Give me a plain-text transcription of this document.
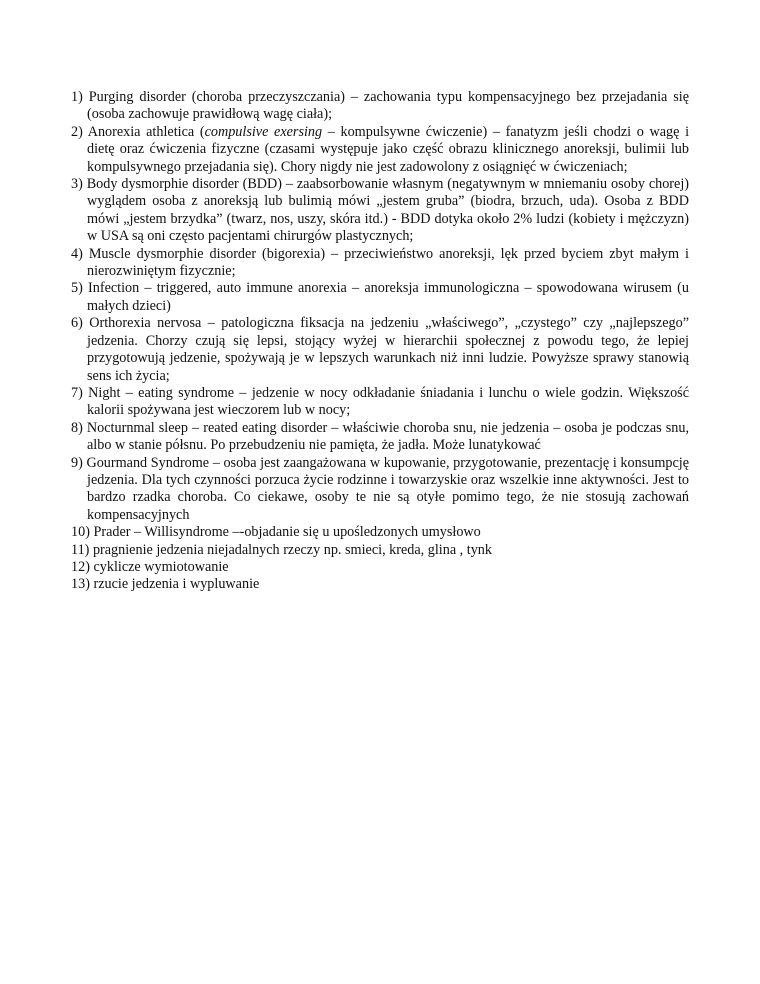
1) Purging disorder (choroba przeczyszczania) – zachowania typu kompensacyjnego bez przejadania się (osoba zachowuje prawidłową wagę ciała);
2) Anorexia athletica (compulsive exersing – kompulsywne ćwiczenie) – fanatyzm jeśli chodzi o wagę i dietę oraz ćwiczenia fizyczne (czasami występuje jako część obrazu klinicznego anoreksji, bulimii lub kompulsywnego przejadania się). Chory nigdy nie jest zadowolony z osiągnięć w ćwiczeniach;
3) Body dysmorphie disorder (BDD) – zaabsorbowanie własnym (negatywnym w mniemaniu osoby chorej) wyglądem osoba z anoreksją lub bulimią mówi „jestem gruba” (biodra, brzuch, uda). Osoba z BDD mówi „jestem brzydka” (twarz, nos, uszy, skóra itd.) - BDD dotyka około 2% ludzi (kobiety i mężczyzn) w USA są oni często pacjentami chirurgów plastycznych;
4) Muscle dysmorphie disorder (bigorexia) – przeciwieństwo anoreksji, lęk przed byciem zbyt małym i nierozwiniętym fizycznie;
5) Infection – triggered, auto immune anorexia – anoreksja immunologiczna – spowodowana wirusem (u małych dzieci)
6) Orthorexia nervosa – patologiczna fiksacja na jedzeniu „właściwego”, „czystego” czy „najlepszego” jedzenia. Chorzy czują się lepsi, stojący wyżej w hierarchii społecznej z powodu tego, że lepiej przygotowują jedzenie, spożywają je w lepszych warunkach niż inni ludzie. Powyższe sprawy stanowią sens ich życia;
7) Night – eating syndrome – jedzenie w nocy odkładanie śniadania i lunchu o wiele godzin. Większość kalorii spożywana jest wieczorem lub w nocy;
8) Nocturnmal sleep – reated eating disorder – właściwie choroba snu, nie jedzenia – osoba je podczas snu, albo w stanie półsnu. Po przebudzeniu nie pamięta, że jadła. Może lunatykować
9) Gourmand Syndrome – osoba jest zaangażowana w kupowanie, przygotowanie, prezentację i konsumpcję jedzenia. Dla tych czynności porzuca życie rodzinne i towarzyskie oraz wszelkie inne aktywności. Jest to bardzo rzadka choroba. Co ciekawe, osoby te nie są otyłe pomimo tego, że nie stosują zachowań kompensacyjnych
10) Prader – Willisyndrome –-objadanie się u upośledzonych umysłowo
11) pragnienie jedzenia niejadalnych rzeczy np. smieci, kreda, glina , tynk
12) cyklicze wymiotowanie
13) rzucie jedzenia i wypluwanie
